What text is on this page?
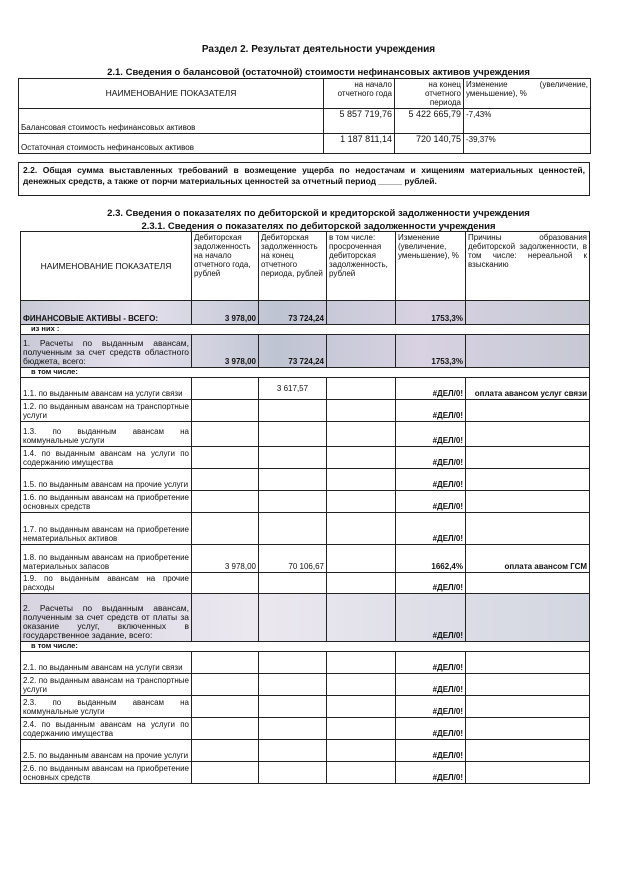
Раздел 2. Результат деятельности учреждения
2.1. Сведения о балансовой (остаточной) стоимости нефинансовых активов учреждения
НАИМЕНОВАНИЕ ПОКАЗАТЕЛЯ	на начало отчетного года	на конец отчетного периода	Изменение (увеличение, уменьшение), %
Балансовая стоимость нефинансовых активов	5 857 719,76	5 422 665,79	-7,43%
Остаточная стоимость нефинансовых активов	1 187 811,14	720 140,75	-39,37%
2.2. Общая сумма выставленных требований в возмещение ущерба по недостачам и хищениям материальных ценностей, денежных средств, а также от порчи материальных ценностей за отчетный период _____ рублей.
2.3. Сведения о показателях по дебиторской и кредиторской задолженности учреждения
2.3.1. Сведения о показателях по дебиторской задолженности учреждения
НАИМЕНОВАНИЕ ПОКАЗАТЕЛЯ	Дебиторская задолженность на начало отчетного года, рублей	Дебиторская задолженность на конец отчетного периода, рублей	в том числе: просроченная дебиторская задолженность, рублей	Изменение (увеличение, уменьшение), %	Причины образования дебиторской задолженности, в том числе: нереальной к взысканию
ФИНАНСОВЫЕ АКТИВЫ - ВСЕГО:	3 978,00	73 724,24		1753,3%	
из них :					
1. Расчеты по выданным авансам, полученным за счет средств областного бюджета, всего:	3 978,00	73 724,24		1753,3%	
в том числе:					
1.1. по выданным авансам на услуги связи		3 617,57		#ДЕЛ/0!	оплата авансом услуг связи
1.2. по выданным авансам на транспортные услуги				#ДЕЛ/0!	
1.3. по выданным авансам на коммунальные услуги				#ДЕЛ/0!	
1.4. по выданным авансам на услуги по содержанию имущества				#ДЕЛ/0!	
1.5. по выданным авансам на прочие услуги				#ДЕЛ/0!	
1.6. по выданным авансам на приобретение основных средств				#ДЕЛ/0!	
1.7. по выданным авансам на приобретение нематериальных активов				#ДЕЛ/0!	
1.8. по выданным авансам на приобретение материальных запасов	3 978,00	70 106,67		1662,4%	оплата авансом ГСМ
1.9. по выданным авансам на прочие расходы				#ДЕЛ/0!	
2. Расчеты по выданным авансам, полученным за счет средств от платы за оказание услуг, включенных в государственное задание, всего:				#ДЕЛ/0!	
в том числе:					
2.1. по выданным авансам на услуги связи				#ДЕЛ/0!	
2.2. по выданным авансам на транспортные услуги				#ДЕЛ/0!	
2.3. по выданным авансам на коммунальные услуги				#ДЕЛ/0!	
2.4. по выданным авансам на услуги по содержанию имущества				#ДЕЛ/0!	
2.5. по выданным авансам на прочие услуги				#ДЕЛ/0!	
2.6. по выданным авансам на приобретение основных средств				#ДЕЛ/0!	
